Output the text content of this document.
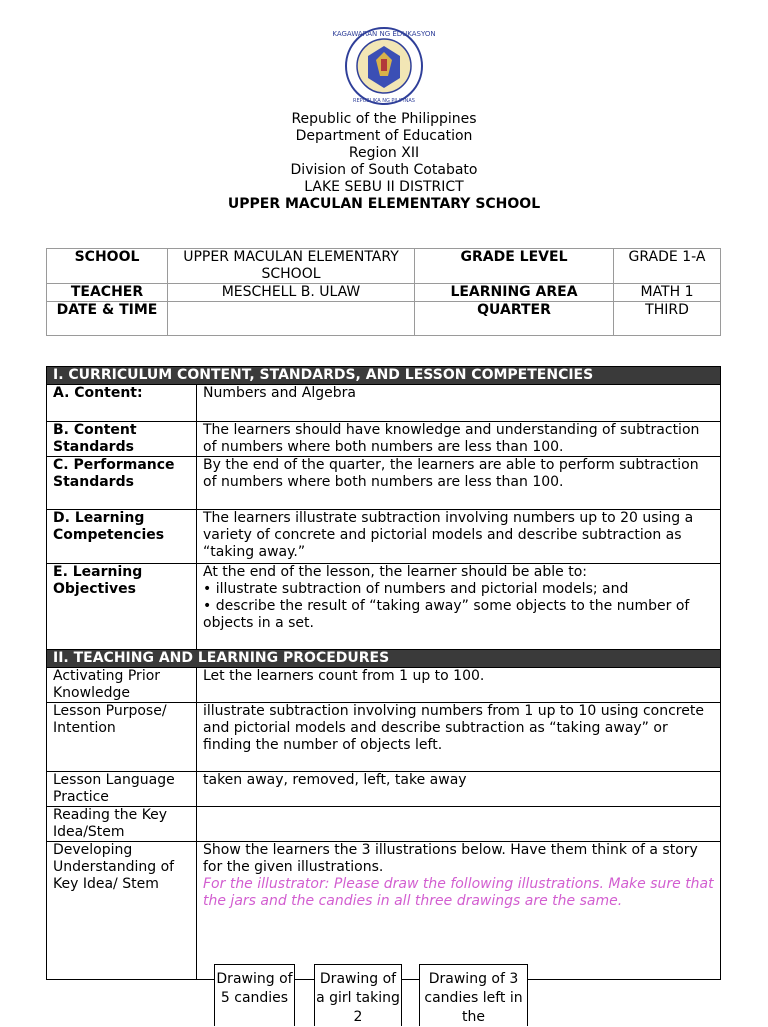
KAGAWARAN NG EDUKASYON
REPUBLIKA NG PILIPINAS
Republic of the Philippines
Department of Education
Region XII
Division of South Cotabato
LAKE SEBU II DISTRICT
UPPER MACULAN ELEMENTARY SCHOOL
SCHOOL	UPPER MACULAN ELEMENTARY SCHOOL	GRADE LEVEL	GRADE 1-A
TEACHER	MESCHELL B. ULAW	LEARNING AREA	MATH 1
DATE & TIME		QUARTER	THIRD
I. CURRICULUM CONTENT, STANDARDS, AND LESSON COMPETENCIES	
A. Content:	Numbers and Algebra
B. Content Standards	The learners should have knowledge and understanding of subtraction of numbers where both numbers are less than 100.
C. Performance Standards	By the end of the quarter, the learners are able to perform subtraction of numbers where both numbers are less than 100.
D. Learning Competencies	The learners illustrate subtraction involving numbers up to 20 using a variety of concrete and pictorial models and describe subtraction as “taking away.”
E. Learning Objectives	At the end of the lesson, the learner should be able to:
• illustrate subtraction of numbers and pictorial models; and
• describe the result of “taking away” some objects to the number of objects in a set.

II. TEACHING AND LEARNING PROCEDURES	
Activating Prior Knowledge	Let the learners count from 1 up to 100.
Lesson Purpose/ Intention	illustrate subtraction involving numbers from 1 up to 10 using concrete and pictorial models and describe subtraction as “taking away” or finding the number of objects left.
Lesson Language Practice	taken away, removed, left, take away
Reading the Key Idea/Stem	
Developing Understanding of Key Idea/ Stem	Show the learners the 3 illustrations below. Have them think of a story for the given illustrations.
For the illustrator: Please draw the following illustrations. Make sure that the jars and the candies in all three drawings are the same.
Drawing of 5 candies
Drawing of a girl taking 2
Drawing of 3 candies left in the
